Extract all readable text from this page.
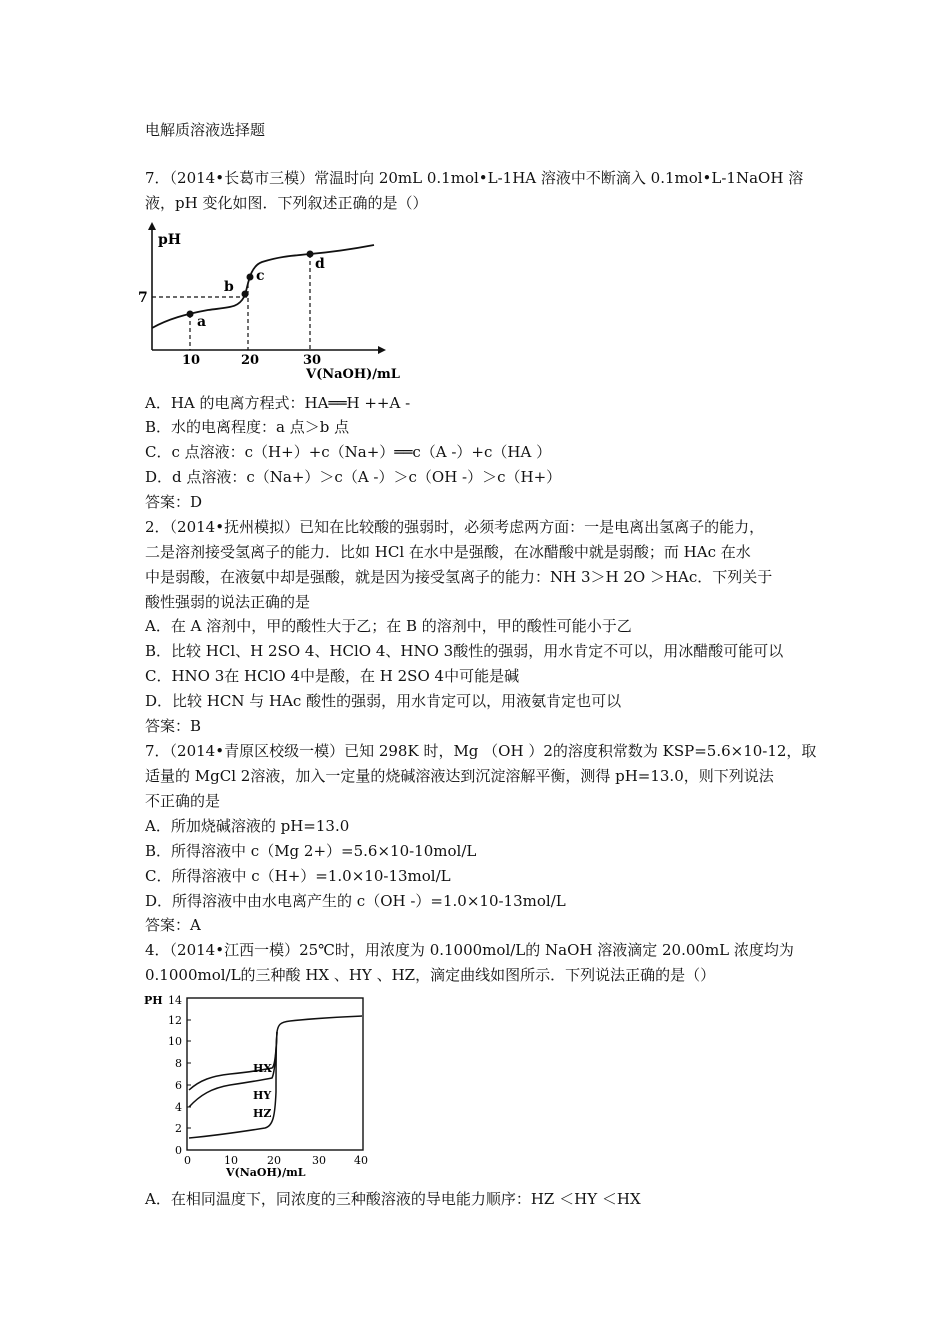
电解质溶液选择题
7．（2014•长葛市三模）常温时向 20mL 0.1mol•L-1HA 溶液中不断滴入 0.1mol•L-1NaOH 溶
液，pH 变化如图．下列叙述正确的是（）
pH
7
a
b
c
d
10	20	30
V(NaOH)/mL
A．HA 的电离方程式：HA══H ++A -
B．水的电离程度：a 点＞b 点
C．c 点溶液：c（H+）+c（Na+）══c（A -）+c（HA ）
D．d 点溶液：c（Na+）＞c（A -）＞c（OH -）＞c（H+）
答案：D
2．（2014•抚州模拟）已知在比较酸的强弱时，必须考虑两方面：一是电离出氢离子的能力，
二是溶剂接受氢离子的能力．比如 HCl 在水中是强酸，在冰醋酸中就是弱酸；而 HAc 在水
中是弱酸，在液氨中却是强酸，就是因为接受氢离子的能力：NH 3＞H 2O ＞HAc．下列关于
酸性强弱的说法正确的是
A．在 A 溶剂中，甲的酸性大于乙；在 B 的溶剂中，甲的酸性可能小于乙
B．比较 HCl、H 2SO 4、HClO 4、HNO 3酸性的强弱，用水肯定不可以，用冰醋酸可能可以
C．HNO 3在 HClO 4中是酸，在 H 2SO 4中可能是碱
D．比较 HCN 与 HAc 酸性的强弱，用水肯定可以，用液氨肯定也可以
答案：B
7．（2014•青原区校级一模）已知 298K 时，Mg （OH ）2的溶度积常数为 KSP=5.6×10-12，取
适量的 MgCl 2溶液，加入一定量的烧碱溶液达到沉淀溶解平衡，测得 pH=13.0，则下列说法
不正确的是
A．所加烧碱溶液的 pH=13.0
B．所得溶液中 c（Mg 2+）=5.6×10-10mol/L
C．所得溶液中 c（H+）=1.0×10-13mol/L
D．所得溶液中由水电离产生的 c（OH -）=1.0×10-13mol/L
答案：A
4．（2014•江西一模）25℃时，用浓度为 0.1000mol/L的 NaOH 溶液滴定 20.00mL 浓度均为
0.1000mol/L的三种酸 HX 、HY 、HZ，滴定曲线如图所示．下列说法正确的是（）
PH
0
2
4
6
8
10
12
14
HX
HY
HZ
0	10	20	30	40
V(NaOH)/mL
A．在相同温度下，同浓度的三种酸溶液的导电能力顺序：HZ ＜HY ＜HX
